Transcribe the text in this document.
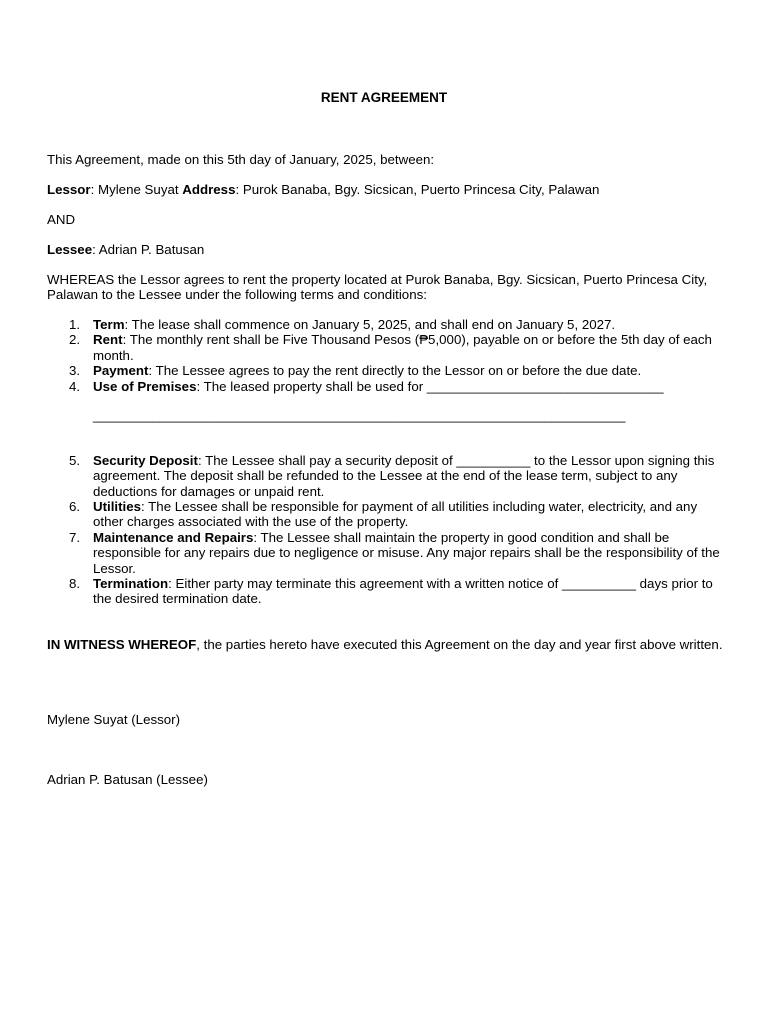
RENT AGREEMENT

This Agreement, made on this 5th day of January, 2025, between:

Lessor: Mylene Suyat Address: Purok Banaba, Bgy. Sicsican, Puerto Princesa City, Palawan

AND

Lessee: Adrian P. Batusan

WHEREAS the Lessor agrees to rent the property located at Purok Banaba, Bgy. Sicsican, Puerto Princesa City, Palawan to the Lessee under the following terms and conditions:

1. Term: The lease shall commence on January 5, 2025, and shall end on January 5, 2027.
2. Rent: The monthly rent shall be Five Thousand Pesos (₱5,000), payable on or before the 5th day of each month.
3. Payment: The Lessee agrees to pay the rent directly to the Lessor on or before the due date.
4. Use of Premises: The leased property shall be used for ________________________________
________________________________________________________________________
5. Security Deposit: The Lessee shall pay a security deposit of __________ to the Lessor upon signing this agreement. The deposit shall be refunded to the Lessee at the end of the lease term, subject to any deductions for damages or unpaid rent.
6. Utilities: The Lessee shall be responsible for payment of all utilities including water, electricity, and any other charges associated with the use of the property.
7. Maintenance and Repairs: The Lessee shall maintain the property in good condition and shall be responsible for any repairs due to negligence or misuse. Any major repairs shall be the responsibility of the Lessor.
8. Termination: Either party may terminate this agreement with a written notice of __________ days prior to the desired termination date.

IN WITNESS WHEREOF, the parties hereto have executed this Agreement on the day and year first above written.

Mylene Suyat (Lessor)

Adrian P. Batusan (Lessee)
